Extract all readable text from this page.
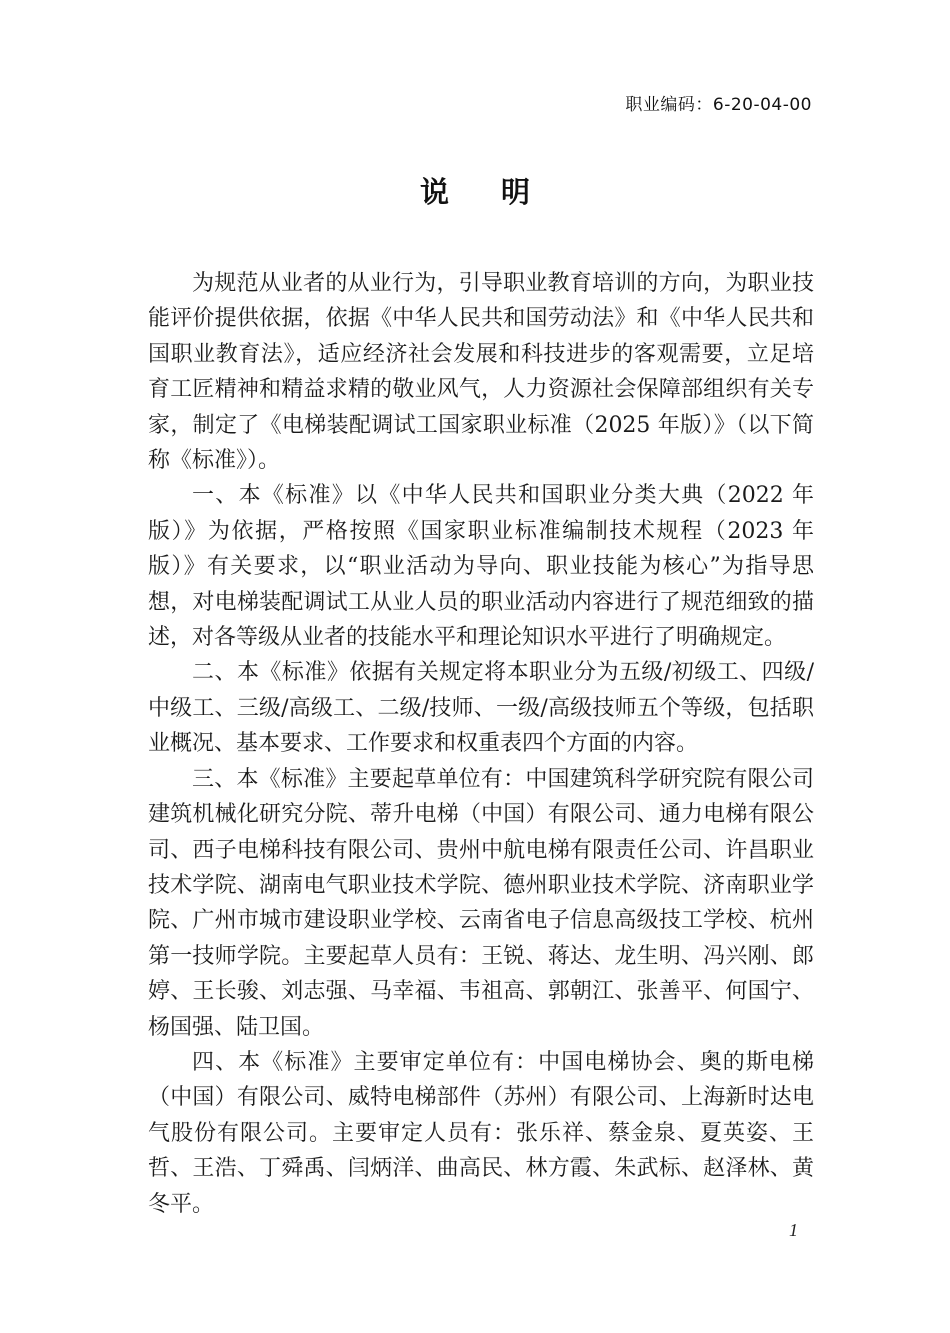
职业编码：6-20-04-00
说明

为规范从业者的从业行为，引导职业教育培训的方向，为职业技能评价提供依据，依据《中华人民共和国劳动法》和《中华人民共和国职业教育法》，适应经济社会发展和科技进步的客观需要，立足培育工匠精神和精益求精的敬业风气，人力资源社会保障部组织有关专家，制定了《电梯装配调试工国家职业标准（2025 年版）》（以下简称《标准》）。

一、本《标准》以《中华人民共和国职业分类大典（2022 年版）》为依据，严格按照《国家职业标准编制技术规程（2023 年版）》有关要求，以“职业活动为导向、职业技能为核心”为指导思想，对电梯装配调试工从业人员的职业活动内容进行了规范细致的描述，对各等级从业者的技能水平和理论知识水平进行了明确规定。

二、本《标准》依据有关规定将本职业分为五级/初级工、四级/中级工、三级/高级工、二级/技师、一级/高级技师五个等级，包括职业概况、基本要求、工作要求和权重表四个方面的内容。

三、本《标准》主要起草单位有：中国建筑科学研究院有限公司建筑机械化研究分院、蒂升电梯（中国）有限公司、通力电梯有限公司、西子电梯科技有限公司、贵州中航电梯有限责任公司、许昌职业技术学院、湖南电气职业技术学院、德州职业技术学院、济南职业学院、广州市城市建设职业学校、云南省电子信息高级技工学校、杭州第一技师学院。主要起草人员有：王锐、蒋达、龙生明、冯兴刚、郎婷、王长骏、刘志强、马幸福、韦祖高、郭朝江、张善平、何国宁、杨国强、陆卫国。

四、本《标准》主要审定单位有：中国电梯协会、奥的斯电梯（中国）有限公司、威特电梯部件（苏州）有限公司、上海新时达电气股份有限公司。主要审定人员有：张乐祥、蔡金泉、夏英姿、王哲、王浩、丁舜禹、闫炳洋、曲高民、林方霞、朱武标、赵泽林、黄冬平。

1
